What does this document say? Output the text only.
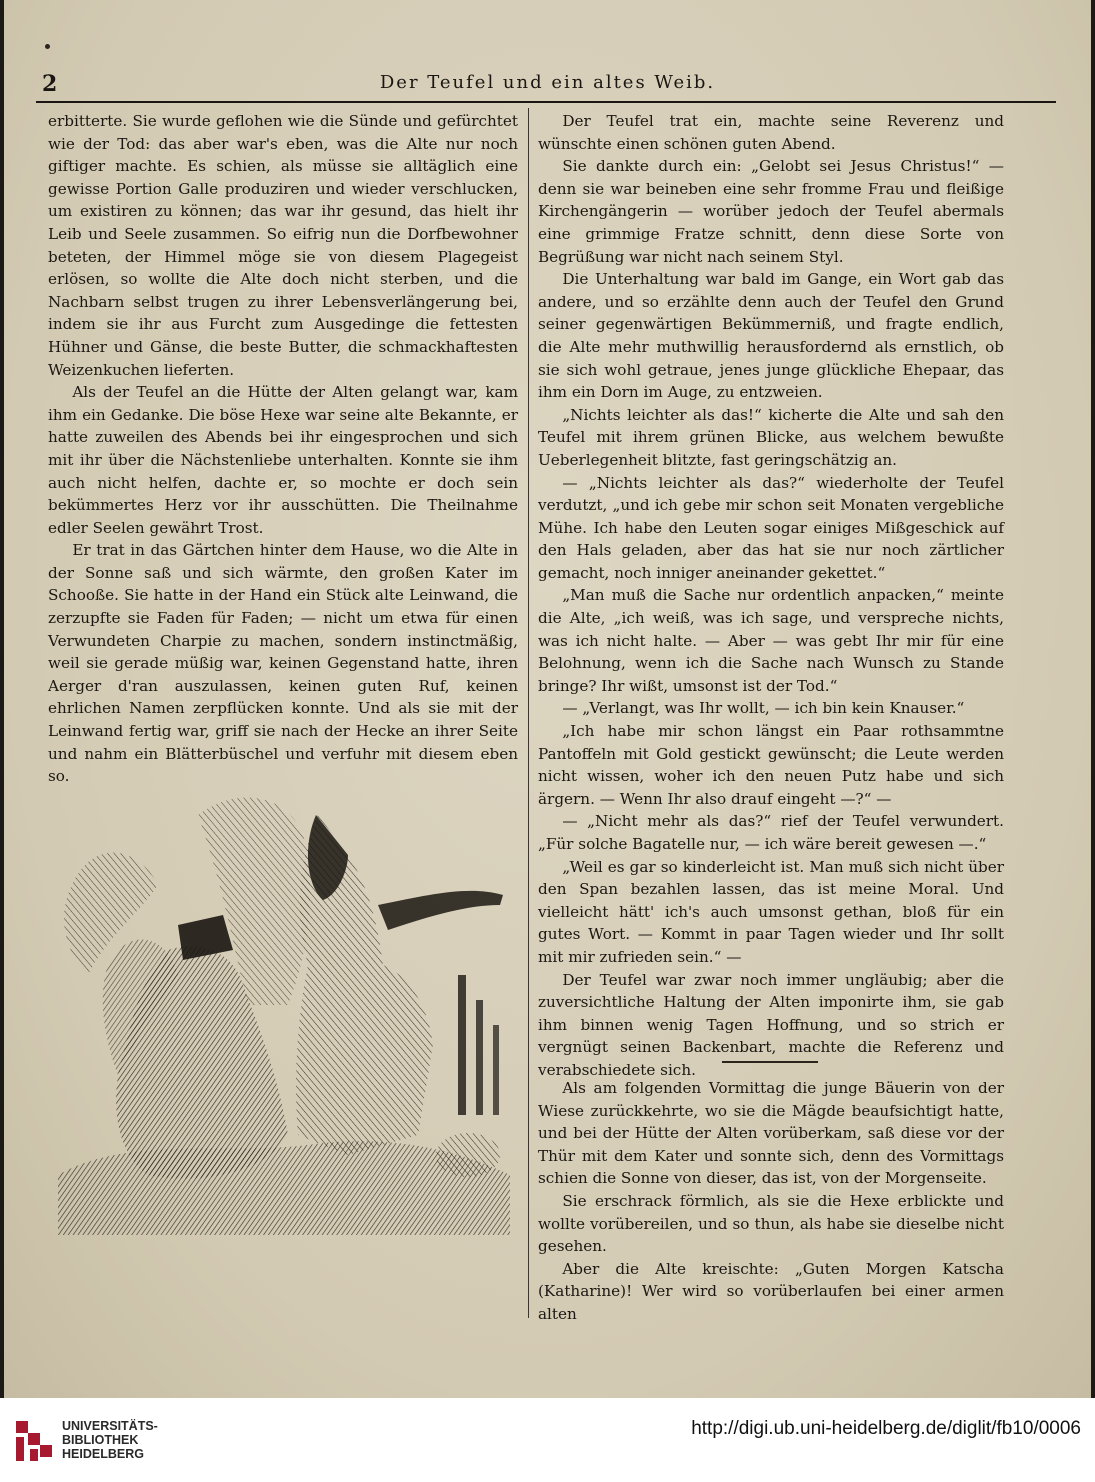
2	Der Teufel und ein altes Weib.

erbitterte. Sie wurde geflohen wie die Sünde und gefürchtet wie der Tod: das aber war's eben, was die Alte nur noch giftiger machte. Es schien, als müsse sie alltäglich eine gewisse Portion Galle produziren und wieder verschlucken, um existiren zu können; das war ihr gesund, das hielt ihr Leib und Seele zusammen. So eifrig nun die Dorfbewohner beteten, der Himmel möge sie von diesem Plagegeist erlösen, so wollte die Alte doch nicht sterben, und die Nachbarn selbst trugen zu ihrer Lebensverlängerung bei, indem sie ihr aus Furcht zum Ausgedinge die fettesten Hühner und Gänse, die beste Butter, die schmackhaftesten Weizenkuchen lieferten.

Als der Teufel an die Hütte der Alten gelangt war, kam ihm ein Gedanke. Die böse Hexe war seine alte Bekannte, er hatte zuweilen des Abends bei ihr eingesprochen und sich mit ihr über die Nächstenliebe unterhalten. Konnte sie ihm auch nicht helfen, dachte er, so mochte er doch sein bekümmertes Herz vor ihr ausschütten. Die Theilnahme edler Seelen gewährt Trost.

Er trat in das Gärtchen hinter dem Hause, wo die Alte in der Sonne saß und sich wärmte, den großen Kater im Schooße. Sie hatte in der Hand ein Stück alte Leinwand, die zerzupfte sie Faden für Faden; — nicht um etwa für einen Verwundeten Charpie zu machen, sondern instinctmäßig, weil sie gerade müßig war, keinen Gegenstand hatte, ihren Aerger d'ran auszulassen, keinen guten Ruf, keinen ehrlichen Namen zerpflücken konnte. Und als sie mit der Leinwand fertig war, griff sie nach der Hecke an ihrer Seite und nahm ein Blätterbüschel und verfuhr mit diesem eben so.

Der Teufel trat ein, machte seine Reverenz und wünschte einen schönen guten Abend.

Sie dankte durch ein: „Gelobt sei Jesus Christus!“ — denn sie war beineben eine sehr fromme Frau und fleißige Kirchengängerin — worüber jedoch der Teufel abermals eine grimmige Fratze schnitt, denn diese Sorte von Begrüßung war nicht nach seinem Styl.

Die Unterhaltung war bald im Gange, ein Wort gab das andere, und so erzählte denn auch der Teufel den Grund seiner gegenwärtigen Bekümmerniß, und fragte endlich, die Alte mehr muthwillig herausfordernd als ernstlich, ob sie sich wohl getraue, jenes junge glückliche Ehepaar, das ihm ein Dorn im Auge, zu entzweien.

„Nichts leichter als das!“ kicherte die Alte und sah den Teufel mit ihrem grünen Blicke, aus welchem bewußte Ueberlegenheit blitzte, fast geringschätzig an.

— „Nichts leichter als das?“ wiederholte der Teufel verdutzt, „und ich gebe mir schon seit Monaten vergebliche Mühe. Ich habe den Leuten sogar einiges Mißgeschick auf den Hals geladen, aber das hat sie nur noch zärtlicher gemacht, noch inniger aneinander gekettet.“

„Man muß die Sache nur ordentlich anpacken,“ meinte die Alte, „ich weiß, was ich sage, und verspreche nichts, was ich nicht halte. — Aber — was gebt Ihr mir für eine Belohnung, wenn ich die Sache nach Wunsch zu Stande bringe? Ihr wißt, umsonst ist der Tod.“

— „Verlangt, was Ihr wollt, — ich bin kein Knauser.“

„Ich habe mir schon längst ein Paar rothsammtne Pantoffeln mit Gold gestickt gewünscht; die Leute werden nicht wissen, woher ich den neuen Putz habe und sich ärgern. — Wenn Ihr also drauf eingeht —?“ —

— „Nicht mehr als das?“ rief der Teufel verwundert. „Für solche Bagatelle nur, — ich wäre bereit gewesen —.“

„Weil es gar so kinderleicht ist. Man muß sich nicht über den Span bezahlen lassen, das ist meine Moral. Und vielleicht hätt' ich's auch umsonst gethan, bloß für ein gutes Wort. — Kommt in paar Tagen wieder und Ihr sollt mit mir zufrieden sein.“ —

Der Teufel war zwar noch immer ungläubig; aber die zuversichtliche Haltung der Alten imponirte ihm, sie gab ihm binnen wenig Tagen Hoffnung, und so strich er vergnügt seinen Backenbart, machte die Referenz und verabschiedete sich.

Als am folgenden Vormittag die junge Bäuerin von der Wiese zurückkehrte, wo sie die Mägde beaufsichtigt hatte, und bei der Hütte der Alten vorüberkam, saß diese vor der Thür mit dem Kater und sonnte sich, denn des Vormittags schien die Sonne von dieser, das ist, von der Morgenseite.

Sie erschrack förmlich, als sie die Hexe erblickte und wollte vorübereilen, und so thun, als habe sie dieselbe nicht gesehen.

Aber die Alte kreischte: „Guten Morgen Katscha (Katharine)! Wer wird so vorüberlaufen bei einer armen alten

UNIVERSITÄTS-
BIBLIOTHEK
HEIDELBERG
http://digi.ub.uni-heidelberg.de/diglit/fb10/0006
